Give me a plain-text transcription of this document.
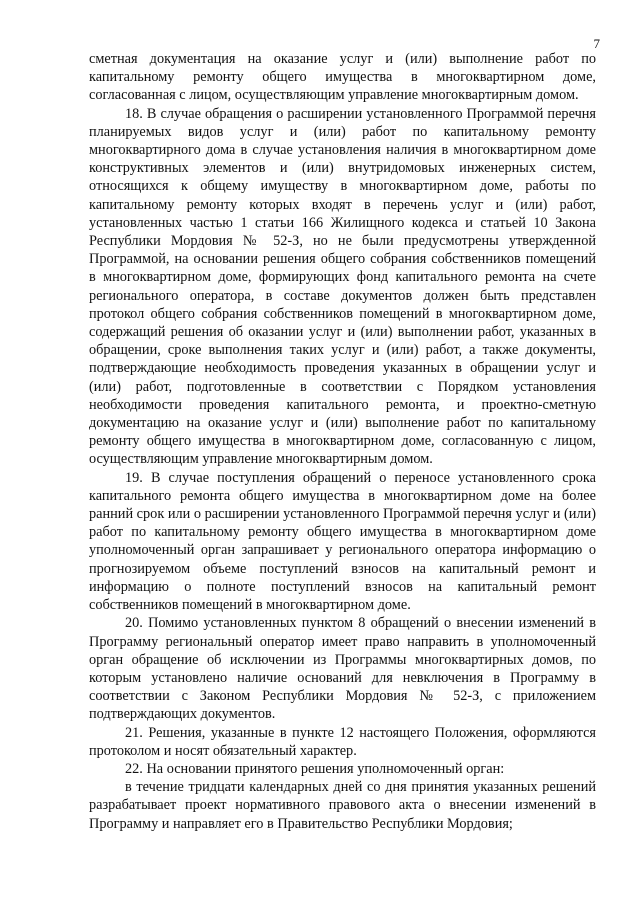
7

сметная документация на оказание услуг и (или) выполнение работ по капитальному ремонту общего имущества в многоквартирном доме, согласованная с лицом, осуществляющим управление многоквартирным домом.

18. В случае обращения о расширении установленного Программой перечня планируемых видов услуг и (или) работ по капитальному ремонту многоквартирного дома в случае установления наличия в многоквартирном доме конструктивных элементов и (или) внутридомовых инженерных систем, относящихся к общему имуществу в многоквартирном доме, работы по капитальному ремонту которых входят в перечень услуг и (или) работ, установленных частью 1 статьи 166 Жилищного кодекса и статьей 10 Закона Республики Мордовия № 52-З, но не были предусмотрены утвержденной Программой, на основании решения общего собрания собственников помещений в многоквартирном доме, формирующих фонд капитального ремонта на счете регионального оператора, в составе документов должен быть представлен протокол общего собрания собственников помещений в многоквартирном доме, содержащий решения об оказании услуг и (или) выполнении работ, указанных в обращении, сроке выполнения таких услуг и (или) работ, а также документы, подтверждающие необходимость проведения указанных в обращении услуг и (или) работ, подготовленные в соответствии с Порядком установления необходимости проведения капитального ремонта, и проектно-сметную документацию на оказание услуг и (или) выполнение работ по капитальному ремонту общего имущества в многоквартирном доме, согласованную с лицом, осуществляющим управление многоквартирным домом.

19. В случае поступления обращений о переносе установленного срока капитального ремонта общего имущества в многоквартирном доме на более ранний срок или о расширении установленного Программой перечня услуг и (или) работ по капитальному ремонту общего имущества в многоквартирном доме уполномоченный орган запрашивает у регионального оператора информацию о прогнозируемом объеме поступлений взносов на капитальный ремонт и информацию о полноте поступлений взносов на капитальный ремонт собственников помещений в многоквартирном доме.

20. Помимо установленных пунктом 8 обращений о внесении изменений в Программу региональный оператор имеет право направить в уполномоченный орган обращение об исключении из Программы многоквартирных домов, по которым установлено наличие оснований для невключения в Программу в соответствии с Законом Республики Мордовия № 52-З, с приложением подтверждающих документов.

21. Решения, указанные в пункте 12 настоящего Положения, оформляются протоколом и носят обязательный характер.

22. На основании принятого решения уполномоченный орган:

в течение тридцати календарных дней со дня принятия указанных решений разрабатывает проект нормативного правового акта о внесении изменений в Программу и направляет его в Правительство Республики Мордовия;
